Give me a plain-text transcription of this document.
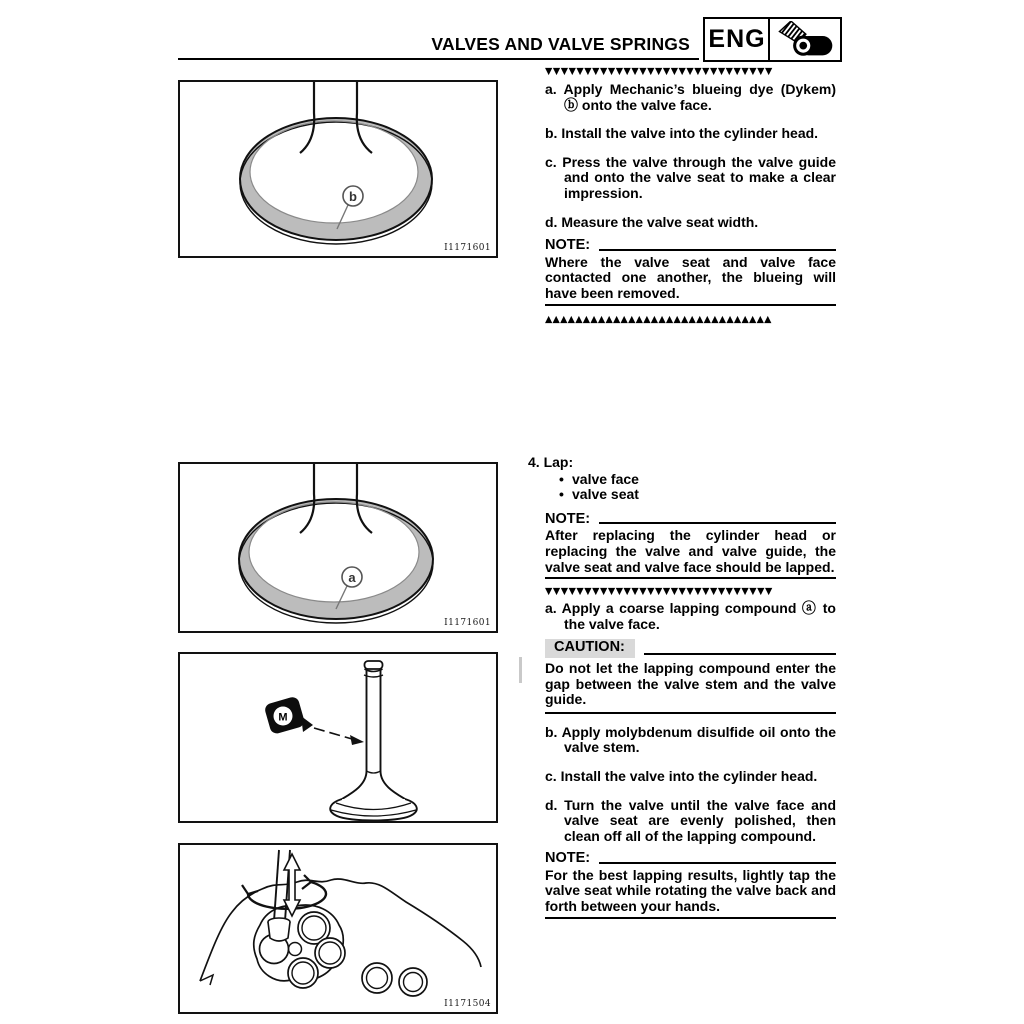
VALVES AND VALVE SPRINGS ENG
b
I1171601
a
I1171601
M
I1171504
▼▼▼▼▼▼▼▼▼▼▼▼▼▼▼▼▼▼▼▼▼▼▼▼▼▼▼▼▼

a. Apply Mechanic’s blueing dye (Dykem) ⓑ onto the valve face.

b. Install the valve into the cylinder head.

c. Press the valve through the valve guide and onto the valve seat to make a clear impression.

d. Measure the valve seat width.

NOTE:
Where the valve seat and valve face contacted one another, the blueing will have been removed.
▲▲▲▲▲▲▲▲▲▲▲▲▲▲▲▲▲▲▲▲▲▲▲▲▲▲▲▲▲▲
4. Lap:
• valve face
• valve seat
NOTE:
After replacing the cylinder head or replacing the valve and valve guide, the valve seat and valve face should be lapped.
▼▼▼▼▼▼▼▼▼▼▼▼▼▼▼▼▼▼▼▼▼▼▼▼▼▼▼▼▼

a. Apply a coarse lapping compound ⓐ to the valve face.

CAUTION:
Do not let the lapping compound enter the gap between the valve stem and the valve guide.

b. Apply molybdenum disulfide oil onto the valve stem.

c. Install the valve into the cylinder head.

d. Turn the valve until the valve face and valve seat are evenly polished, then clean off all of the lapping compound.

NOTE:
For the best lapping results, lightly tap the valve seat while rotating the valve back and forth between your hands.
